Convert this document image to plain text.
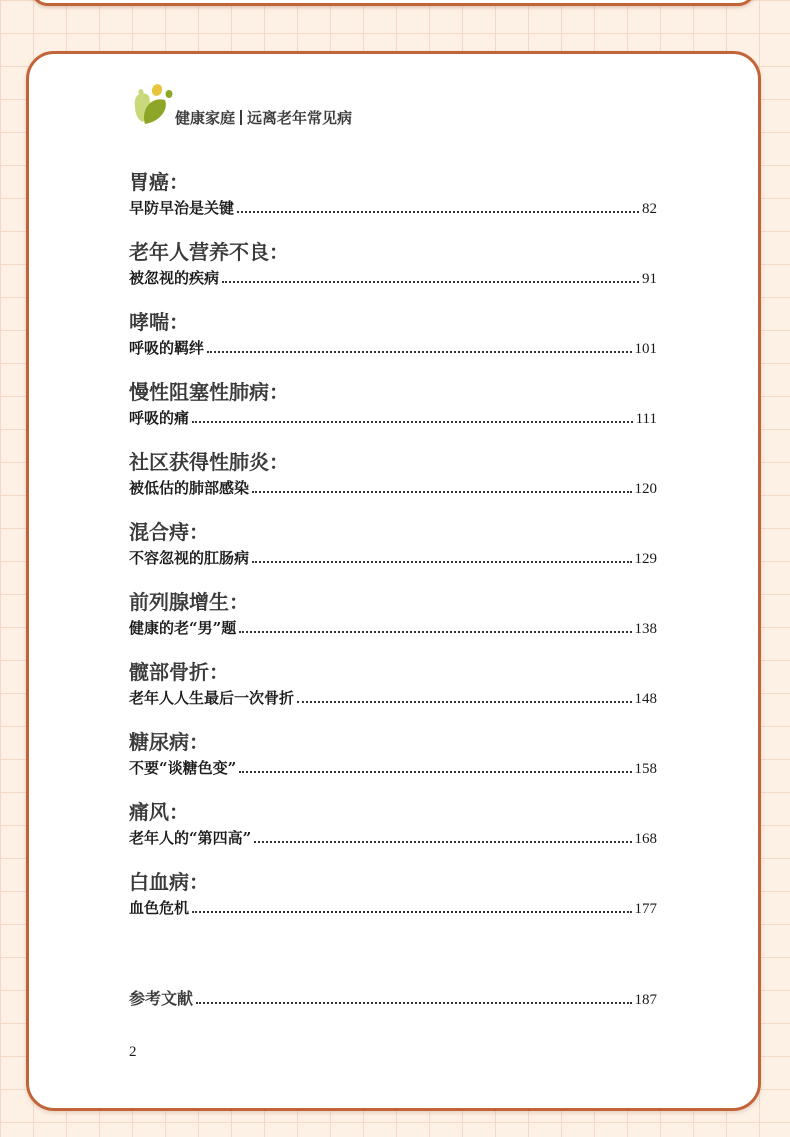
健康家庭 远离老年常见病
胃癌：
早防早治是关键	82
老年人营养不良：
被忽视的疾病	91
哮喘：
呼吸的羁绊	101
慢性阻塞性肺病：
呼吸的痛	111
社区获得性肺炎：
被低估的肺部感染	120
混合痔：
不容忽视的肛肠病	129
前列腺增生：
健康的老“男”题	138
髋部骨折：
老年人人生最后一次骨折	148
糖尿病：
不要“谈糖色变”	158
痛风：
老年人的“第四高”	168
白血病：
血色危机	177
参考文献	187
2
